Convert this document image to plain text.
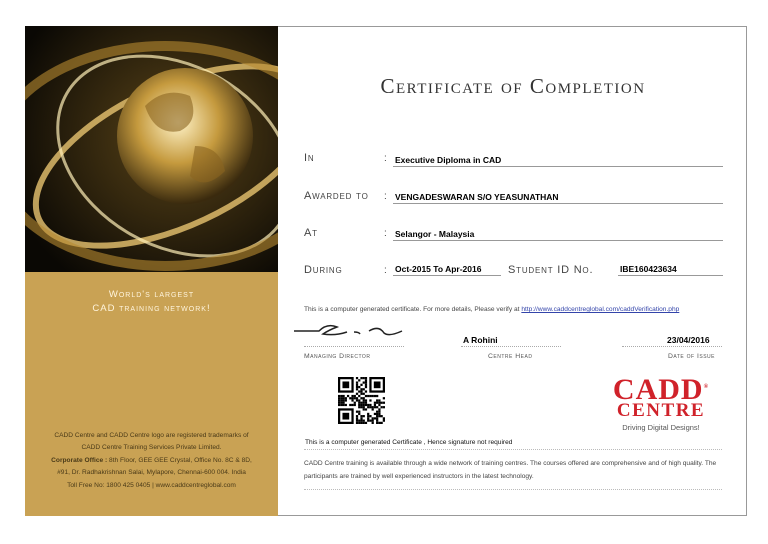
World's largest
CAD training network!
CADD Centre and CADD Centre logo are registered trademarks of
CADD Centre Training Services Private Limited.
Corporate Office : 8th Floor, GEE GEE Crystal, Office No. 8C & 8D,
#91, Dr. Radhakrishnan Salai, Mylapore, Chennai-600 004. India
Toll Free No: 1800 425 0405 | www.caddcentreglobal.com
Certificate of Completion
In	: Executive Diploma in CAD
Awarded to : VENGADESWARAN S/O YEASUNATHAN
At	: Selangor - Malaysia
During	: Oct-2015 To Apr-2016	Student ID No.	IBE160423634
This is a computer generated certificate. For more details, Please verify at http://www.caddcentreglobal.com/caddVerification.php
Managing Director
A Rohini
Centre Head
23/04/2016
Date of Issue
CADD®
CENTRE
Driving Digital Designs!
This is a computer generated Certificate , Hence signature not required
CADD Centre training is available through a wide network of training centres. The courses offered are comprehensive and of high quality. The participants are trained by well experienced instructors in the latest technology.
